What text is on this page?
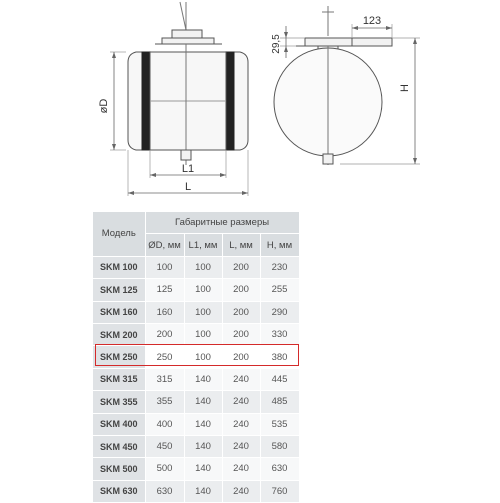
øD
L1
L
123
29,5
H
Модель	Габаритные размеры			
	ØD, мм	L1, мм	L, мм	H, мм
SKM 100	100	100	200	230
SKM 125	125	100	200	255
SKM 160	160	100	200	290
SKM 200	200	100	200	330
SKM 250	250	100	200	380
SKM 315	315	140	240	445
SKM 355	355	140	240	485
SKM 400	400	140	240	535
SKM 450	450	140	240	580
SKM 500	500	140	240	630
SKM 630	630	140	240	760
